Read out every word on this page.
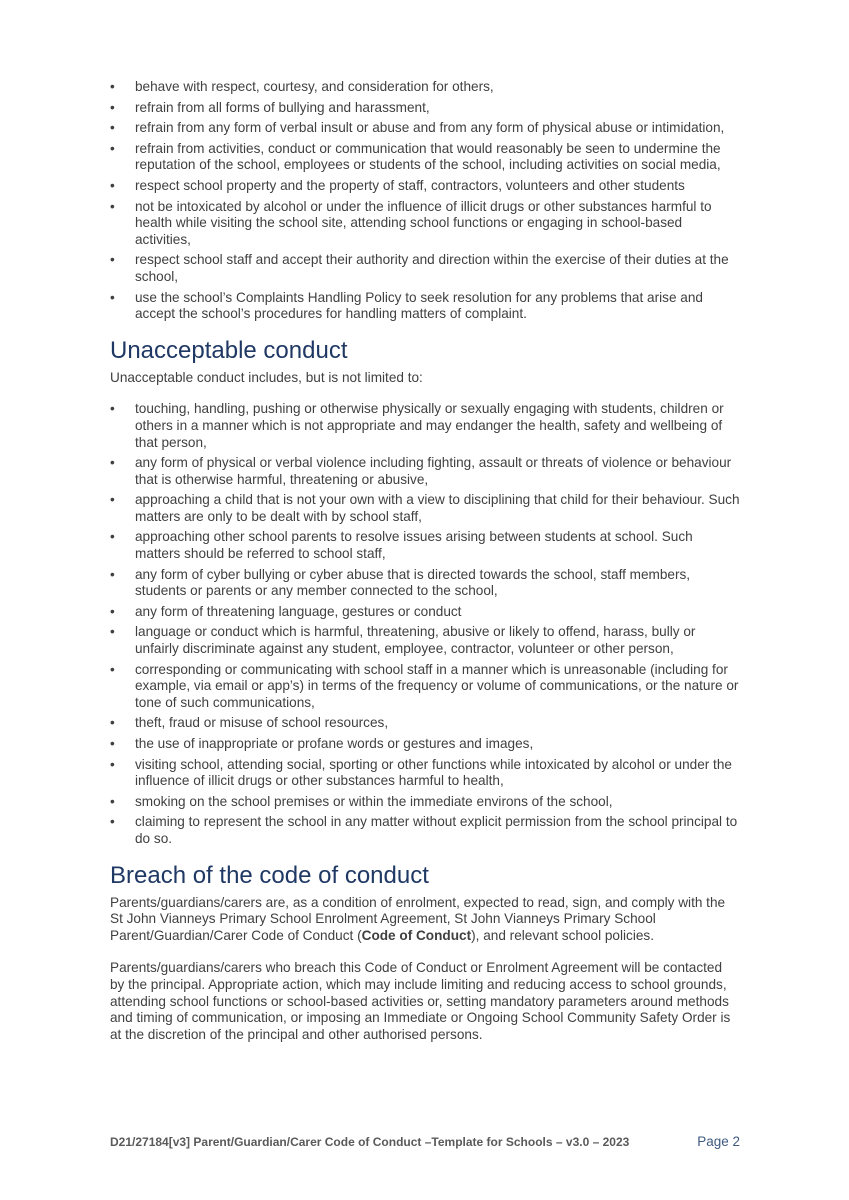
•	behave with respect, courtesy, and consideration for others,
•	refrain from all forms of bullying and harassment,
•	refrain from any form of verbal insult or abuse and from any form of physical abuse or intimidation,
•	refrain from activities, conduct or communication that would reasonably be seen to undermine the reputation of the school, employees or students of the school, including activities on social media,
•	respect school property and the property of staff, contractors, volunteers and other students
•	not be intoxicated by alcohol or under the influence of illicit drugs or other substances harmful to health while visiting the school site, attending school functions or engaging in school-based activities,
•	respect school staff and accept their authority and direction within the exercise of their duties at the school,
•	use the school’s Complaints Handling Policy to seek resolution for any problems that arise and accept the school’s procedures for handling matters of complaint.
Unacceptable conduct
Unacceptable conduct includes, but is not limited to:
•	touching, handling, pushing or otherwise physically or sexually engaging with students, children or others in a manner which is not appropriate and may endanger the health, safety and wellbeing of that person,
•	any form of physical or verbal violence including fighting, assault or threats of violence or behaviour that is otherwise harmful, threatening or abusive,
•	approaching a child that is not your own with a view to disciplining that child for their behaviour. Such matters are only to be dealt with by school staff,
•	approaching other school parents to resolve issues arising between students at school. Such matters should be referred to school staff,
•	any form of cyber bullying or cyber abuse that is directed towards the school, staff members, students or parents or any member connected to the school,
•	any form of threatening language, gestures or conduct
•	language or conduct which is harmful, threatening, abusive or likely to offend, harass, bully or unfairly discriminate against any student, employee, contractor, volunteer or other person,
•	corresponding or communicating with school staff in a manner which is unreasonable (including for example, via email or app’s) in terms of the frequency or volume of communications, or the nature or tone of such communications,
•	theft, fraud or misuse of school resources,
•	the use of inappropriate or profane words or gestures and images,
•	visiting school, attending social, sporting or other functions while intoxicated by alcohol or under the influence of illicit drugs or other substances harmful to health,
•	smoking on the school premises or within the immediate environs of the school,
•	claiming to represent the school in any matter without explicit permission from the school principal to do so.
Breach of the code of conduct
Parents/guardians/carers are, as a condition of enrolment, expected to read, sign, and comply with the St John Vianneys Primary School Enrolment Agreement, St John Vianneys Primary School Parent/Guardian/Carer Code of Conduct (Code of Conduct), and relevant school policies.
Parents/guardians/carers who breach this Code of Conduct or Enrolment Agreement will be contacted by the principal. Appropriate action, which may include limiting and reducing access to school grounds, attending school functions or school-based activities or, setting mandatory parameters around methods and timing of communication, or imposing an Immediate or Ongoing School Community Safety Order is at the discretion of the principal and other authorised persons.
D21/27184[v3] Parent/Guardian/Carer Code of Conduct –Template for Schools – v3.0 – 2023	Page 2
